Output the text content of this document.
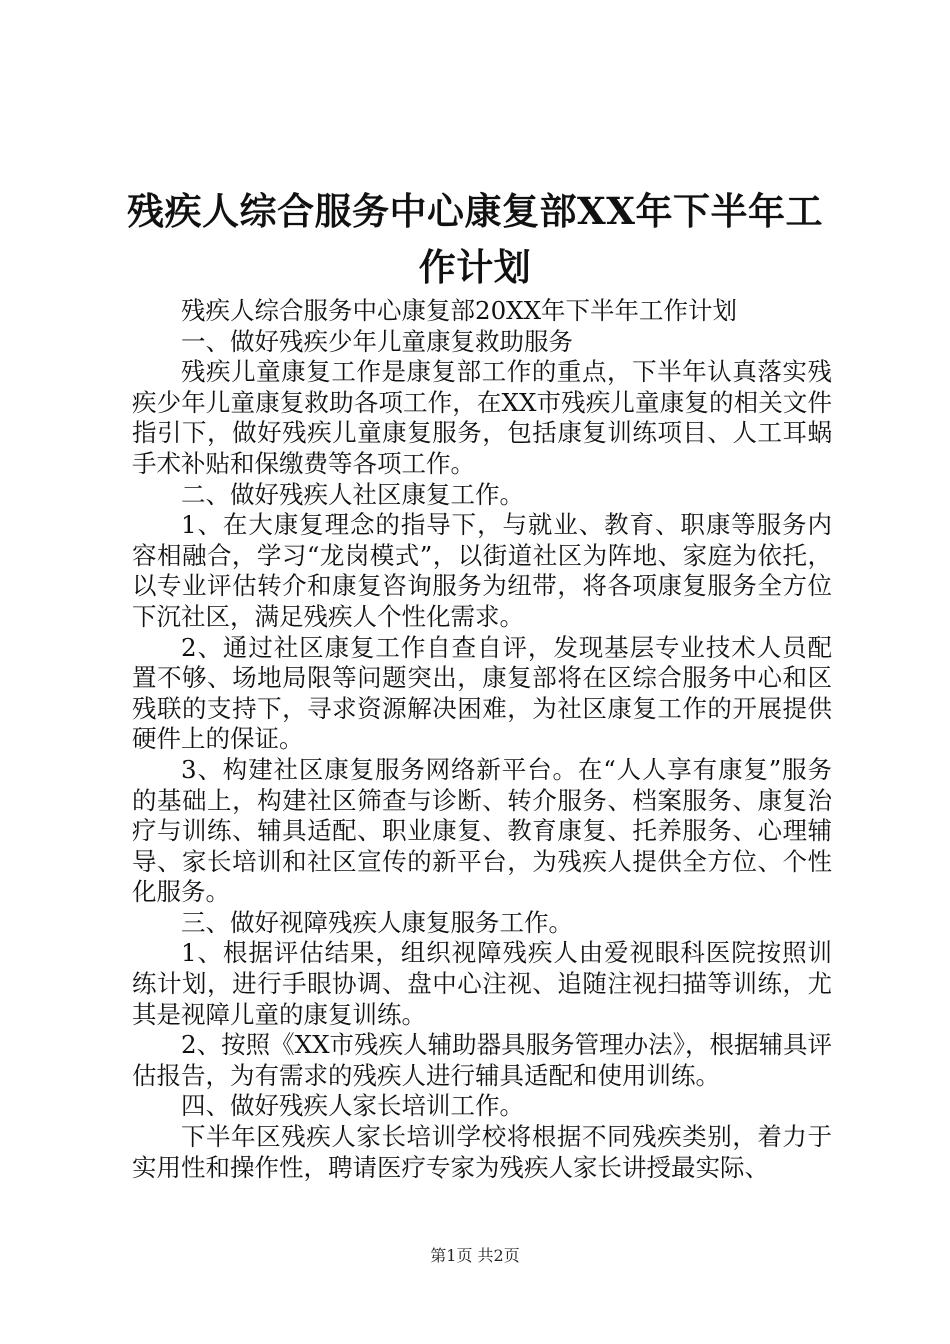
残疾人综合服务中心康复部XX年下半年工作计划

残疾人综合服务中心康复部20XX年下半年工作计划

一、做好残疾少年儿童康复救助服务

残疾儿童康复工作是康复部工作的重点，下半年认真落实残疾少年儿童康复救助各项工作，在XX市残疾儿童康复的相关文件指引下，做好残疾儿童康复服务，包括康复训练项目、人工耳蜗手术补贴和保缴费等各项工作。

二、做好残疾人社区康复工作。

1、在大康复理念的指导下，与就业、教育、职康等服务内容相融合，学习“龙岗模式”，以街道社区为阵地、家庭为依托，以专业评估转介和康复咨询服务为纽带，将各项康复服务全方位下沉社区，满足残疾人个性化需求。

2、通过社区康复工作自查自评，发现基层专业技术人员配置不够、场地局限等问题突出，康复部将在区综合服务中心和区残联的支持下，寻求资源解决困难，为社区康复工作的开展提供硬件上的保证。

3、构建社区康复服务网络新平台。在“人人享有康复”服务的基础上，构建社区筛查与诊断、转介服务、档案服务、康复治疗与训练、辅具适配、职业康复、教育康复、托养服务、心理辅导、家长培训和社区宣传的新平台，为残疾人提供全方位、个性化服务。

三、做好视障残疾人康复服务工作。

1、根据评估结果，组织视障残疾人由爱视眼科医院按照训练计划，进行手眼协调、盘中心注视、追随注视扫描等训练，尤其是视障儿童的康复训练。

2、按照《XX市残疾人辅助器具服务管理办法》，根据辅具评估报告，为有需求的残疾人进行辅具适配和使用训练。

四、做好残疾人家长培训工作。

下半年区残疾人家长培训学校将根据不同残疾类别，着力于实用性和操作性，聘请医疗专家为残疾人家长讲授最实际、

第1页 共2页
